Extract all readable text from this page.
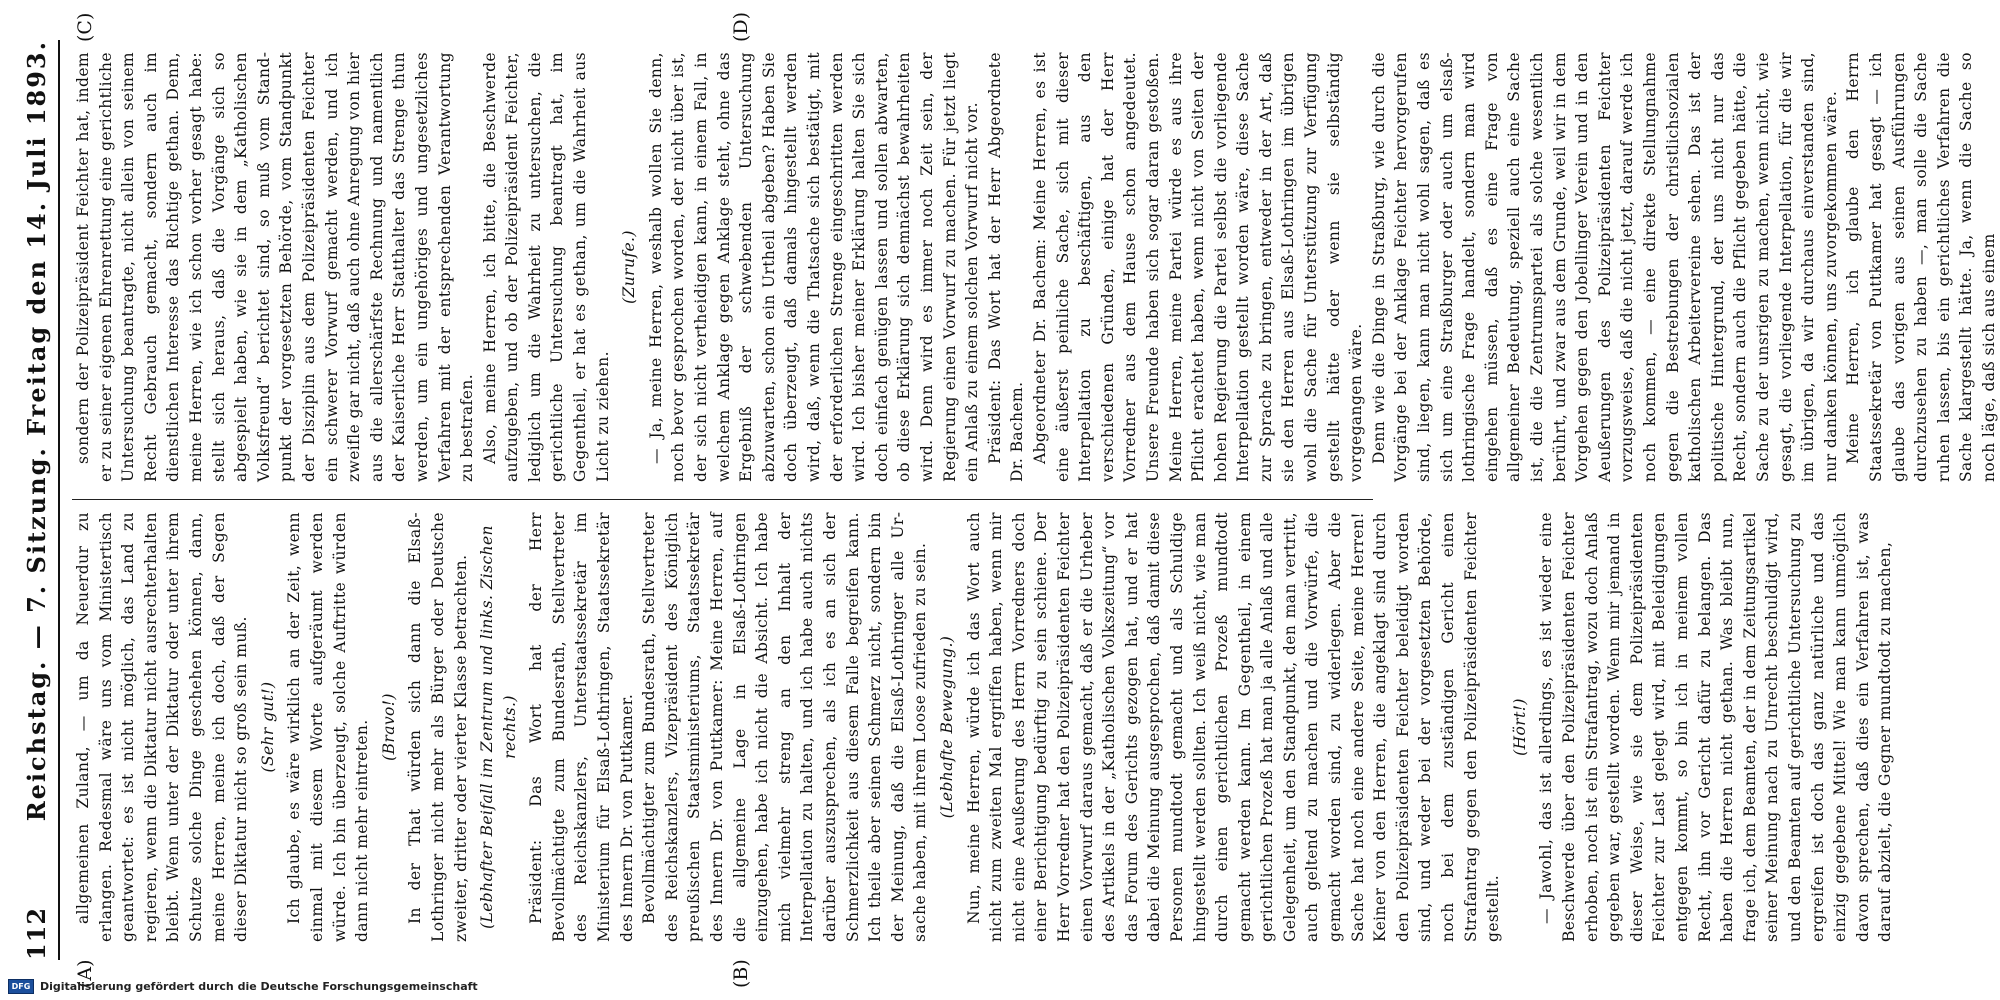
112
Reichstag. — 7. Sitzung. Freitag den 14. Juli 1893.
(A)	(B)
(C)	(D)

allgemeinen Zuland, — um da Neuerdur zu erlangen. Redesmal wäre uns vom Ministertisch geantwortet: es ist nicht möglich, das Land zu regieren, wenn die Diktatur nicht ausrechterhalten bleibt. Wenn unter der Diktatur oder unter ihrem Schutze solche Dinge geschehen können, dann, meine Herren, meine ich doch, daß der Segen dieser Diktatur nicht so groß sein muß. (Sehr gut!) Ich glaube, es wäre wirklich an der Zeit, wenn einmal mit diesem Worte aufgeräumt werden würde. Ich bin überzeugt, solche Auftritte würden dann nicht mehr eintreten. (Bravo!) In der That würden sich dann die Elsaß-Lothringer nicht mehr als Bürger oder Deutsche zweiter, dritter oder vierter Klasse betrachten. (Lebhafter Beifall im Zentrum und links. Zischen rechts.) Präsident: Das Wort hat der Herr Bevollmächtigte zum Bundesrath, Stellvertreter des Reichskanzlers, Unterstaatssekretär im Ministerium für Elsaß-Lothringen, Staatssekretär des Innern Dr. von Puttkamer. Bevollmächtigter zum Bundesrath, Stellvertreter des Reichskanzlers, Vizepräsident des Königlich preußischen Staatsministeriums, Staatssekretär des Innern Dr. von Puttkamer: Meine Herren, auf die allgemeine Lage in Elsaß-Lothringen einzugehen, habe ich nicht die Absicht. Ich habe mich vielmehr streng an den Inhalt der Interpellation zu halten, und ich habe auch nichts darüber auszusprechen, als ich es an sich der Schmerzlichkeit aus diesem Falle begreifen kann. Ich theile aber seinen Schmerz nicht, sondern bin der Meinung, daß die Elsaß-Lothringer alle Ursache haben, mit ihrem Loose zufrieden zu sein. (Lebhafte Bewegung.) Nun, meine Herren, würde ich das Wort auch nicht zum zweiten Mal ergriffen haben, wenn mir nicht eine Aeußerung des Herrn Vorredners doch einer Berichtigung bedürftig zu sein schiene. Der Herr Vorredner hat den Polizeipräsidenten Feichter einen Vorwurf daraus gemacht, daß er die Urheber des Artikels in der „Katholischen Volkszeitung“ vor das Forum des Gerichts gezogen hat, und er hat dabei die Meinung ausgesprochen, daß damit diese Personen mundtodt gemacht und als Schuldige hingestellt werden sollten. Ich weiß nicht, wie man durch einen gerichtlichen Prozeß mundtodt gemacht werden kann. Im Gegentheil, in einem gerichtlichen Prozeß hat man ja alle Anlaß und alle Gelegenheit, um den Standpunkt, den man vertritt, auch geltend zu machen und die Vorwürfe, die gemacht worden sind, zu widerlegen. Aber die Sache hat noch eine andere Seite, meine Herren! Keiner von den Herren, die angeklagt sind durch den Polizeipräsidenten Feichter beleidigt worden sind, und weder bei der vorgesetzten Behörde, noch bei dem zuständigen Gericht einen Strafantrag gegen den Polizeipräsidenten Feichter gestellt.

(Hört!) — Jawohl, das ist allerdings, es ist wieder eine Beschwerde über den Polizeipräsidenten Feichter erhoben, noch ist ein Strafantrag, wozu doch Anlaß gegeben war, gestellt worden. Wenn mir jemand in dieser Weise, wie sie dem Polizeipräsidenten Feichter zur Last gelegt wird, mit Beleidigungen entgegen kommt, so bin ich in meinem vollen Recht, ihn vor Gericht dafür zu belangen. Das haben die Herren nicht gethan. Was bleibt nun, frage ich, dem Beamten, der in dem Zeitungsartikel seiner Meinung nach zu Unrecht beschuldigt wird, und den Beamten auf gerichtliche Untersuchung zu ergreifen ist doch das ganz natürliche und das einzig gegebene Mittel! Wie man kann unmöglich davon sprechen, daß dies ein Verfahren ist, was darauf abzielt, die Gegner mundtodt zu machen,

sondern der Polizeipräsident Feichter hat, indem er zu seiner eigenen Ehrenrettung eine gerichtliche Untersuchung beantragte, nicht allein von seinem Recht Gebrauch gemacht, sondern auch im dienstlichen Interesse das Richtige gethan. Denn, meine Herren, wie ich schon vorher gesagt habe: stellt sich heraus, daß die Vorgänge sich so abgespielt haben, wie sie in dem „Katholischen Volksfreund“ berichtet sind, so muß vom Standpunkt der vorgesetzten Behörde, vom Standpunkt der Disziplin aus dem Polizeipräsidenten Feichter ein schwerer Vorwurf gemacht werden, und ich zweifle gar nicht, daß auch ohne Anregung von hier aus die allerschärfste Rechnung und namentlich der Kaiserliche Herr Statthalter das Strenge thun werden, um ein ungehöriges und ungesetzliches Verfahren mit der entsprechenden Verantwortung zu bestrafen. Also, meine Herren, ich bitte, die Beschwerde aufzugeben, und ob der Polizeipräsident Feichter, lediglich um die Wahrheit zu untersuchen, die gerichtliche Untersuchung beantragt hat, im Gegentheil, er hat es gethan, um die Wahrheit aus Licht zu ziehen.

(Zurufe.) — Ja, meine Herren, weshalb wollen Sie denn, noch bevor gesprochen worden, der nicht über ist, der sich nicht vertheidigen kann, in einem Fall, in welchem Anklage gegen Anklage steht, ohne das Ergebniß der schwebenden Untersuchung abzuwarten, schon ein Urtheil abgeben? Haben Sie doch überzeugt, daß damals hingestellt werden wird, daß, wenn die Thatsache sich bestätigt, mit der erforderlichen Strenge eingeschritten werden wird. Ich bisher meiner Erklärung halten Sie sich doch einfach genügen lassen und sollen abwarten, ob diese Erklärung sich demnächst bewahrheiten wird. Denn wird es immer noch Zeit sein, der Regierung einen Vorwurf zu machen. Für jetzt liegt ein Anlaß zu einem solchen Vorwurf nicht vor. Präsident: Das Wort hat der Herr Abgeordnete Dr. Bachem. Abgeordneter Dr. Bachem: Meine Herren, es ist eine äußerst peinliche Sache, sich mit dieser Interpellation zu beschäftigen, aus den verschiedenen Gründen, einige hat der Herr Vorredner aus dem Hause schon angedeutet. Unsere Freunde haben sich sogar daran gestoßen. Meine Herren, meine Partei würde es aus ihre Pflicht erachtet haben, wenn nicht von Seiten der hohen Regierung die Partei selbst die vorliegende Interpellation gestellt worden wäre, diese Sache zur Sprache zu bringen, entweder in der Art, daß sie den Herren aus Elsaß-Lothringen im übrigen wohl die Sache für Unterstützung zur Verfügung gestellt hätte oder wenn sie selbständig vorgegangen wäre. Denn wie die Dinge in Straßburg, wie durch die Vorgänge bei der Anklage Feichter hervorgerufen sind, liegen, kann man nicht wohl sagen, daß es sich um eine Straßburger oder auch um elsaß-lothringische Frage handelt, sondern man wird eingehen müssen, daß es eine Frage von allgemeiner Bedeutung, speziell auch eine Sache ist, die die Zentrumspartei als solche wesentlich berührt, und zwar aus dem Grunde, weil wir in dem Vorgehen gegen den Jobellinger Verein und in den Aeußerungen des Polizeipräsidenten Feichter vorzugsweise, daß die nicht jetzt, darauf werde ich noch kommen, — eine direkte Stellungnahme gegen die Bestrebungen der christlichsozialen katholischen Arbeitervereine sehen. Das ist der politische Hintergrund, der uns nicht nur das Recht, sondern auch die Pflicht gegeben hätte, die Sache zu der unsrigen zu machen, wenn nicht, wie gesagt, die vorliegende Interpellation, für die wir im übrigen, da wir durchaus einverstanden sind, nur danken können, uns zuvorgekommen wäre. Meine Herren, ich glaube den Herrn Staatssekretär von Puttkamer hat gesagt — ich glaube das vorigen aus seinen Ausführungen durchzusehen zu haben —, man solle die Sache ruhen lassen, bis ein gerichtliches Verfahren die Sache klargestellt hätte. Ja, wenn die Sache so noch läge, daß sich aus einem

DFG Digitalisierung gefördert durch die Deutsche Forschungsgemeinschaft
